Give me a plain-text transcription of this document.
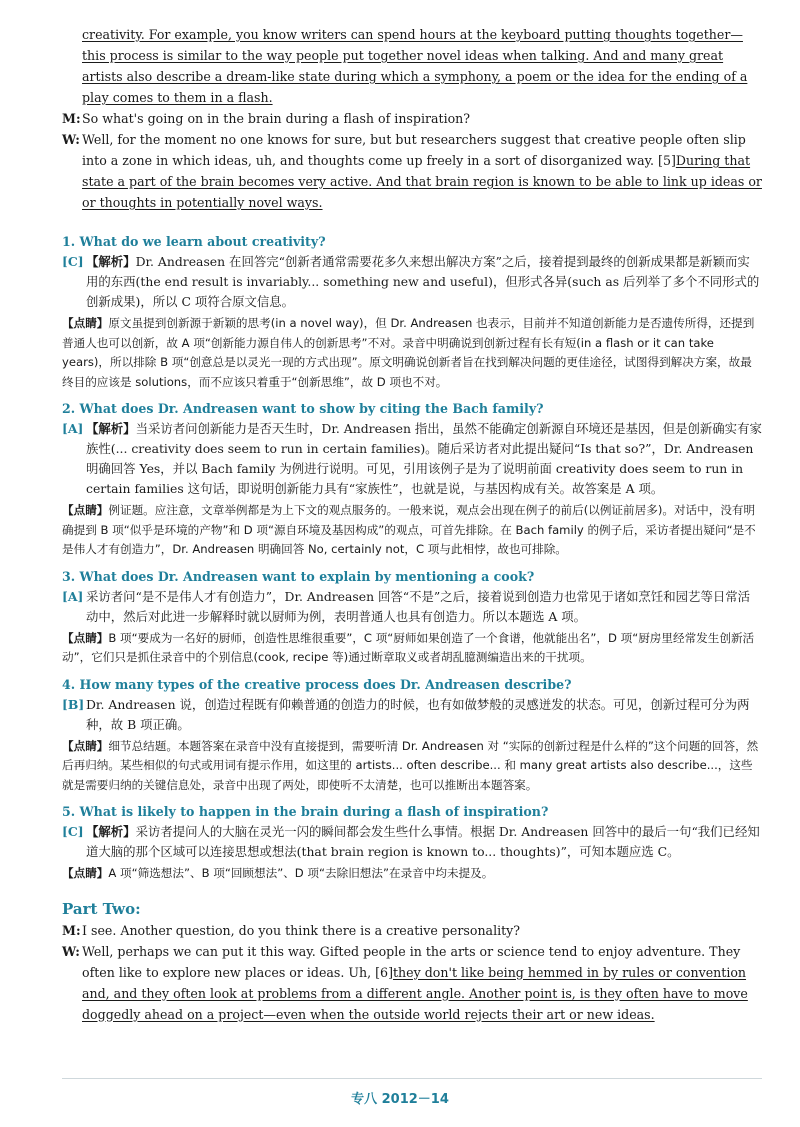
creativity. For example, you know writers can spend hours at the keyboard putting thoughts together—this process is similar to the way people put together novel ideas when talking. And and many great artists also describe a dream-like state during which a symphony, a poem or the idea for the ending of a play comes to them in a flash.

M: So what's going on in the brain during a flash of inspiration?
W: Well, for the moment no one knows for sure, but but researchers suggest that creative people often slip into a zone in which ideas, uh, and thoughts come up freely in a sort of disorganized way. [5]During that state a part of the brain becomes very active. And that brain region is known to be able to link up ideas or or thoughts in potentially novel ways.

1. What do we learn about creativity?

[C] 【解析】Dr. Andreasen 在回答完“创新者通常需要花多久来想出解决方案”之后，接着提到最终的创新成果都是新颖而实用的东西(the end result is invariably... something new and useful)，但形式各异(such as 后列举了多个不同形式的创新成果)，所以 C 项符合原文信息。

【点睛】原文虽提到创新源于新颖的思考(in a novel way)，但 Dr. Andreasen 也表示，目前并不知道创新能力是否遗传所得，还提到普通人也可以创新，故 A 项“创新能力源自伟人的创新思考”不对。录音中明确说到创新过程有长有短(in a flash or it can take years)，所以排除 B 项“创意总是以灵光一现的方式出现”。原文明确说创新者旨在找到解决问题的更佳途径，试图得到解决方案，故最终目的应该是 solutions，而不应该只着重于“创新思维”，故 D 项也不对。

2. What does Dr. Andreasen want to show by citing the Bach family?

[A] 【解析】当采访者问创新能力是否天生时，Dr. Andreasen 指出，虽然不能确定创新源自环境还是基因，但是创新确实有家族性(... creativity does seem to run in certain families)。随后采访者对此提出疑问“Is that so?”，Dr. Andreasen 明确回答 Yes，并以 Bach family 为例进行说明。可见，引用该例子是为了说明前面 creativity does seem to run in certain families 这句话，即说明创新能力具有“家族性”，也就是说，与基因构成有关。故答案是 A 项。

【点睛】例证题。应注意，文章举例都是为上下文的观点服务的。一般来说，观点会出现在例子的前后(以例证前居多)。对话中，没有明确提到 B 项“似乎是环境的产物”和 D 项“源自环境及基因构成”的观点，可首先排除。在 Bach family 的例子后，采访者提出疑问“是不是伟人才有创造力”，Dr. Andreasen 明确回答 No, certainly not，C 项与此相悖，故也可排除。

3. What does Dr. Andreasen want to explain by mentioning a cook?

[A] 采访者问“是不是伟人才有创造力”，Dr. Andreasen 回答“不是”之后，接着说到创造力也常见于诸如烹饪和园艺等日常活动中，然后对此进一步解释时就以厨师为例，表明普通人也具有创造力。所以本题选 A 项。

【点睛】B 项“要成为一名好的厨师，创造性思维很重要”，C 项“厨师如果创造了一个食谱，他就能出名”，D 项“厨房里经常发生创新活动”，它们只是抓住录音中的个别信息(cook, recipe 等)通过断章取义或者胡乱臆测编造出来的干扰项。

4. How many types of the creative process does Dr. Andreasen describe?

[B] Dr. Andreasen 说，创造过程既有仰赖普通的创造力的时候，也有如做梦般的灵感迸发的状态。可见，创新过程可分为两种，故 B 项正确。

【点睛】细节总结题。本题答案在录音中没有直接提到，需要听清 Dr. Andreasen 对 “实际的创新过程是什么样的”这个问题的回答，然后再归纳。某些相似的句式或用词有提示作用，如这里的 artists... often describe... 和 many great artists also describe...，这些就是需要归纳的关键信息处，录音中出现了两处，即使听不太清楚，也可以推断出本题答案。

5. What is likely to happen in the brain during a flash of inspiration?

[C] 【解析】采访者提问人的大脑在灵光一闪的瞬间都会发生些什么事情。根据 Dr. Andreasen 回答中的最后一句“我们已经知道大脑的那个区域可以连接思想或想法(that brain region is known to... thoughts)”，可知本题应选 C。

【点睛】A 项“筛选想法”、B 项“回顾想法”、D 项“去除旧想法”在录音中均未提及。

Part Two:
M: I see. Another question, do you think there is a creative personality?
W: Well, perhaps we can put it this way. Gifted people in the arts or science tend to enjoy adventure. They often like to explore new places or ideas. Uh, [6]they don't like being hemmed in by rules or convention and, and they often look at problems from a different angle. Another point is, is they often have to move doggedly ahead on a project—even when the outside world rejects their art or new ideas.
专八 2012－14
